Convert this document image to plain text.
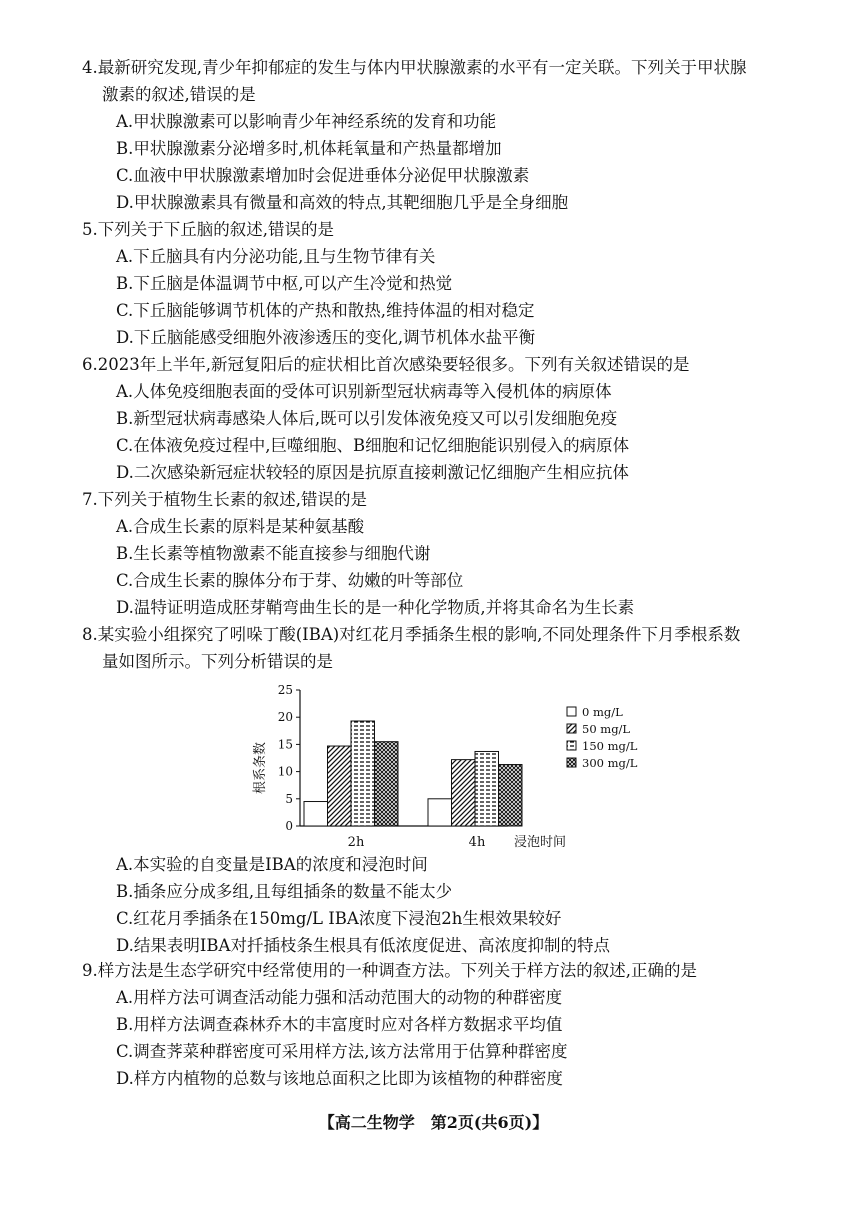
4.最新研究发现,青少年抑郁症的发生与体内甲状腺激素的水平有一定关联。下列关于甲状腺
激素的叙述,错误的是
A.甲状腺激素可以影响青少年神经系统的发育和功能
B.甲状腺激素分泌增多时,机体耗氧量和产热量都增加
C.血液中甲状腺激素增加时会促进垂体分泌促甲状腺激素
D.甲状腺激素具有微量和高效的特点,其靶细胞几乎是全身细胞
5.下列关于下丘脑的叙述,错误的是
A.下丘脑具有内分泌功能,且与生物节律有关
B.下丘脑是体温调节中枢,可以产生冷觉和热觉
C.下丘脑能够调节机体的产热和散热,维持体温的相对稳定
D.下丘脑能感受细胞外液渗透压的变化,调节机体水盐平衡
6.2023年上半年,新冠复阳后的症状相比首次感染要轻很多。下列有关叙述错误的是
A.人体免疫细胞表面的受体可识别新型冠状病毒等入侵机体的病原体
B.新型冠状病毒感染人体后,既可以引发体液免疫又可以引发细胞免疫
C.在体液免疫过程中,巨噬细胞、B细胞和记忆细胞能识别侵入的病原体
D.二次感染新冠症状较轻的原因是抗原直接刺激记忆细胞产生相应抗体
7.下列关于植物生长素的叙述,错误的是
A.合成生长素的原料是某种氨基酸
B.生长素等植物激素不能直接参与细胞代谢
C.合成生长素的腺体分布于芽、幼嫩的叶等部位
D.温特证明造成胚芽鞘弯曲生长的是一种化学物质,并将其命名为生长素
8.某实验小组探究了吲哚丁酸(IBA)对红花月季插条生根的影响,不同处理条件下月季根系数
量如图所示。下列分析错误的是
0
5
10
15
20
25
2h	4h
0 mg/L
50 mg/L
150 mg/L
300 mg/L
根系条数
浸泡时间
A.本实验的自变量是IBA的浓度和浸泡时间
B.插条应分成多组,且每组插条的数量不能太少
C.红花月季插条在150mg/L IBA浓度下浸泡2h生根效果较好
D.结果表明IBA对扦插枝条生根具有低浓度促进、高浓度抑制的特点
9.样方法是生态学研究中经常使用的一种调查方法。下列关于样方法的叙述,正确的是
A.用样方法可调查活动能力强和活动范围大的动物的种群密度
B.用样方法调查森林乔木的丰富度时应对各样方数据求平均值
C.调查荠菜种群密度可采用样方法,该方法常用于估算种群密度
D.样方内植物的总数与该地总面积之比即为该植物的种群密度
【高二生物学　第2页(共6页)】
